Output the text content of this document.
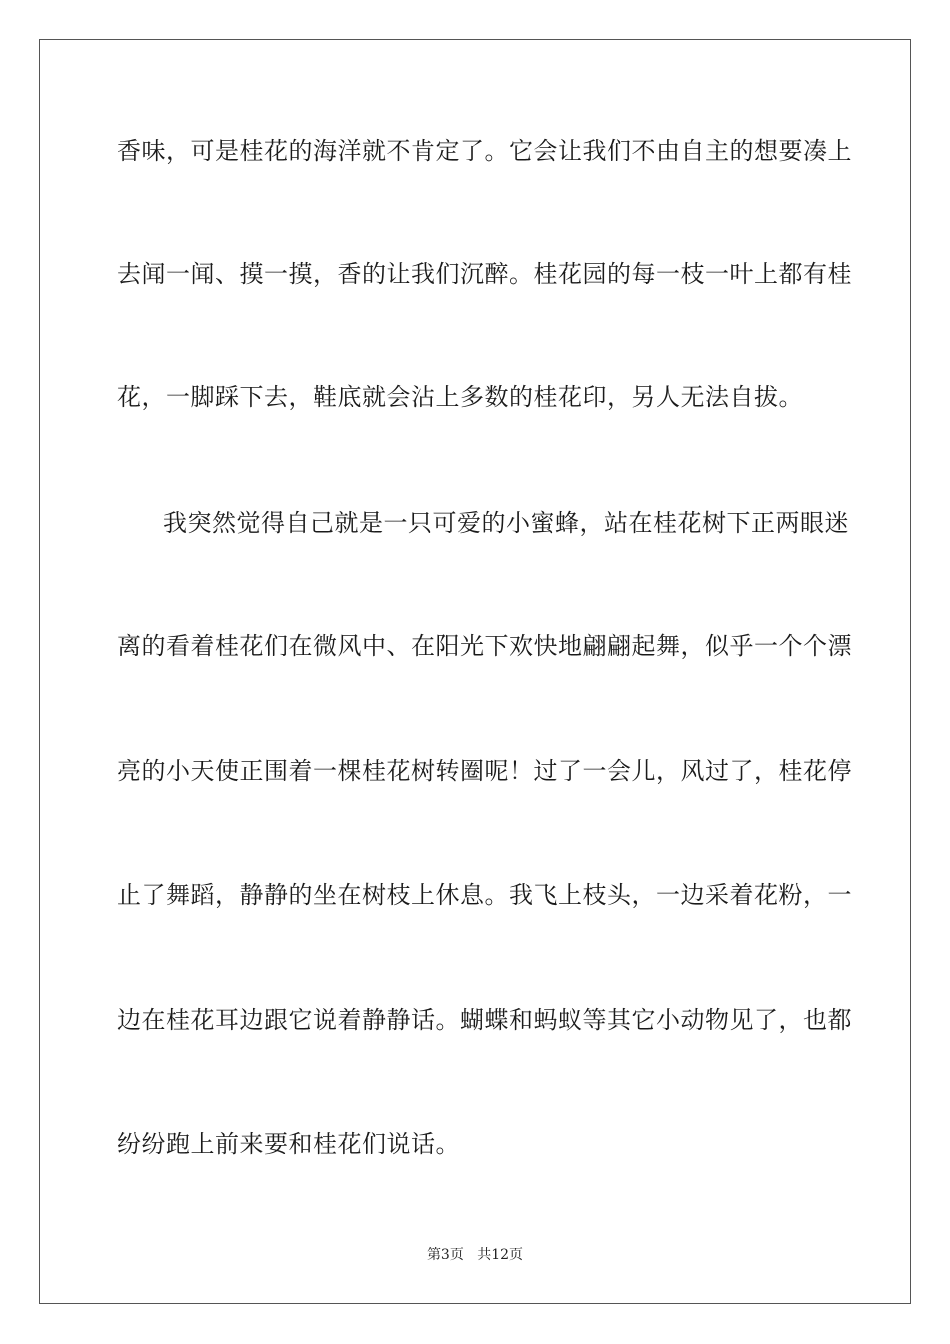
香味，可是桂花的海洋就不肯定了。它会让我们不由自主的想要凑上
去闻一闻、摸一摸，香的让我们沉醉。桂花园的每一枝一叶上都有桂
花，一脚踩下去，鞋底就会沾上多数的桂花印，另人无法自拔。
我突然觉得自己就是一只可爱的小蜜蜂，站在桂花树下正两眼迷
离的看着桂花们在微风中、在阳光下欢快地翩翩起舞，似乎一个个漂
亮的小天使正围着一棵桂花树转圈呢！过了一会儿，风过了，桂花停
止了舞蹈，静静的坐在树枝上休息。我飞上枝头，一边采着花粉，一
边在桂花耳边跟它说着静静话。蝴蝶和蚂蚁等其它小动物见了，也都
纷纷跑上前来要和桂花们说话。
第3页 共12页
